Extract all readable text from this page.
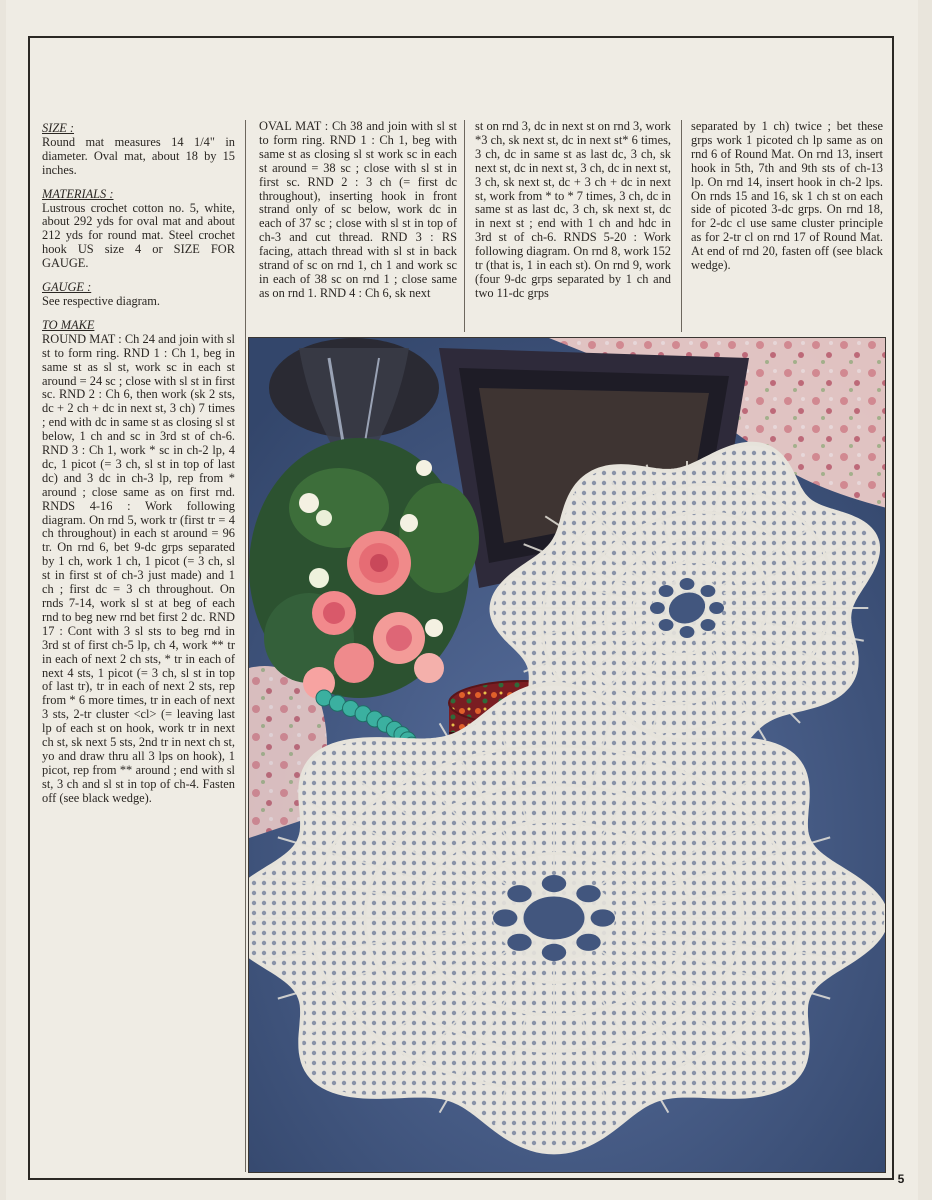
SIZE :
Round mat measures 14 1/4" in diameter. Oval mat, about 18 by 15 inches.

MATERIALS :
Lustrous crochet cotton no. 5, white, about 292 yds for oval mat and about 212 yds for round mat. Steel crochet hook US size 4 or SIZE FOR GAUGE.

GAUGE :
See respective diagram.

TO MAKE
ROUND MAT : Ch 24 and join with sl st to form ring. RND 1 : Ch 1, beg in same st as sl st, work sc in each st around = 24 sc ; close with sl st in first sc. RND 2 : Ch 6, then work (sk 2 sts, dc + 2 ch + dc in next st, 3 ch) 7 times ; end with dc in same st as closing sl st below, 1 ch and sc in 3rd st of ch-6. RND 3 : Ch 1, work * sc in ch-2 lp, 4 dc, 1 picot (= 3 ch, sl st in top of last dc) and 3 dc in ch-3 lp, rep from * around ; close same as on first rnd. RNDS 4-16 : Work following diagram. On rnd 5, work tr (first tr = 4 ch throughout) in each st around = 96 tr. On rnd 6, bet 9-dc grps separated by 1 ch, work 1 ch, 1 picot (= 3 ch, sl st in first st of ch-3 just made) and 1 ch ; first dc = 3 ch throughout. On rnds 7-14, work sl st at beg of each rnd to beg new rnd bet first 2 dc. RND 17 : Cont with 3 sl sts to beg rnd in 3rd st of first ch-5 lp, ch 4, work ** tr in each of next 2 ch sts, * tr in each of next 4 sts, 1 picot (= 3 ch, sl st in top of last tr), tr in each of next 2 sts, rep from * 6 more times, tr in each of next 3 sts, 2-tr cluster <cl> (= leaving last lp of each st on hook, work tr in next ch st, sk next 5 sts, 2nd tr in next ch st, yo and draw thru all 3 lps on hook), 1 picot, rep from ** around ; end with sl st, 3 ch and sl st in top of ch-4. Fasten off (see black wedge).

OVAL MAT : Ch 38 and join with sl st to form ring. RND 1 : Ch 1, beg with same st as closing sl st work sc in each st around = 38 sc ; close with sl st in first sc. RND 2 : 3 ch (= first dc throughout), inserting hook in front strand only of sc below, work dc in each of 37 sc ; close with sl st in top of ch-3 and cut thread. RND 3 : RS facing, attach thread with sl st in back strand of sc on rnd 1, ch 1 and work sc in each of 38 sc on rnd 1 ; close same as on rnd 1. RND 4 : Ch 6, sk next
st on rnd 3, dc in next st on rnd 3, work *3 ch, sk next st, dc in next st* 6 times, 3 ch, dc in same st as last dc, 3 ch, sk next st, dc in next st, 3 ch, dc in next st, 3 ch, sk next st, dc + 3 ch + dc in next st, work from * to * 7 times, 3 ch, dc in same st as last dc, 3 ch, sk next st, dc in next st ; end with 1 ch and hdc in 3rd st of ch-6. RNDS 5-20 : Work following diagram. On rnd 8, work 152 tr (that is, 1 in each st). On rnd 9, work (four 9-dc grps separated by 1 ch and two 11-dc grps
separated by 1 ch) twice ; bet these grps work 1 picoted ch lp same as on rnd 6 of Round Mat. On rnd 13, insert hook in 5th, 7th and 9th sts of ch-13 lp. On rnd 14, insert hook in ch-2 lps. On rnds 15 and 16, sk 1 ch st on each side of picoted 3-dc grps. On rnd 18, for 2-dc cl use same cluster principle as for 2-tr cl on rnd 17 of Round Mat. At end of rnd 20, fasten off (see black wedge).
5
